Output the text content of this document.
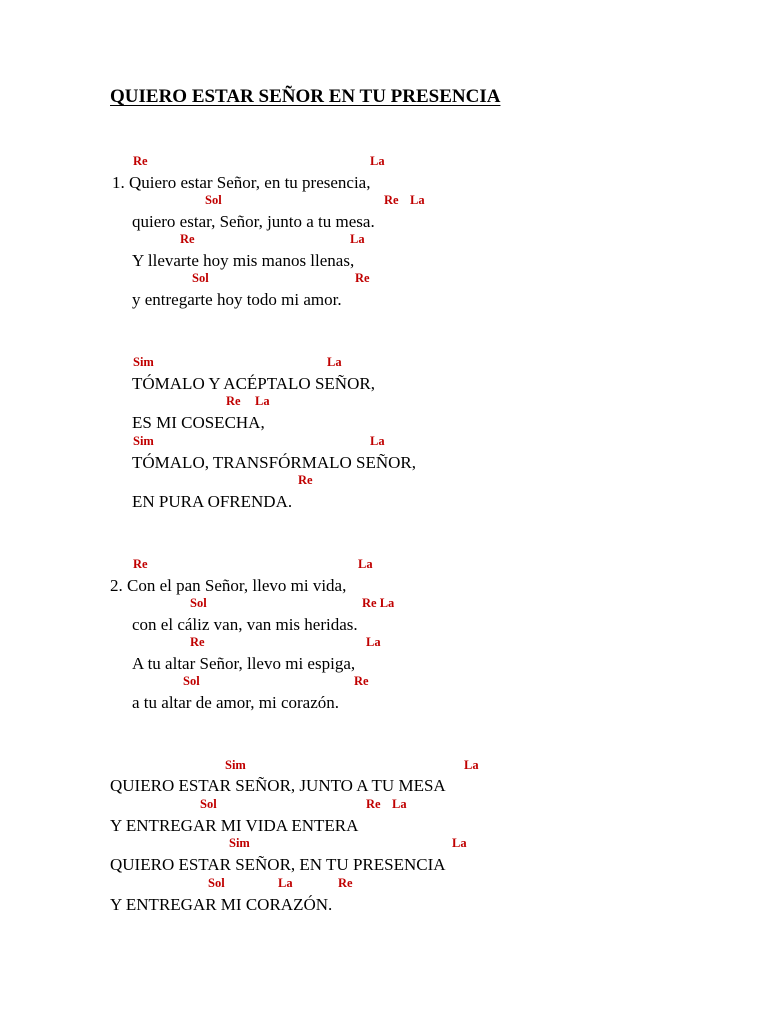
QUIERO ESTAR SEÑOR EN TU PRESENCIA
Re	La
1. Quiero estar Señor, en tu presencia,
Sol	Re La
quiero estar, Señor, junto a tu mesa.
Re	La
Y llevarte hoy mis manos llenas,
Sol	Re
y entregarte hoy todo mi amor.
Sim	La
TÓMALO Y ACÉPTALO SEÑOR,
Re La
ES MI COSECHA,
Sim	La
TÓMALO, TRANSFÓRMALO SEÑOR,
Re
EN PURA OFRENDA.
Re	La
2. Con el pan Señor, llevo mi vida,
Sol	Re La
con el cáliz van, van mis heridas.
Re	La
A tu altar Señor, llevo mi espiga,
Sol	Re
a tu altar de amor, mi corazón.
Sim	La
QUIERO ESTAR SEÑOR, JUNTO A TU MESA
Sol	Re La
Y ENTREGAR MI VIDA ENTERA
Sim	La
QUIERO ESTAR SEÑOR, EN TU PRESENCIA
Sol	La	Re
Y ENTREGAR MI CORAZÓN.
